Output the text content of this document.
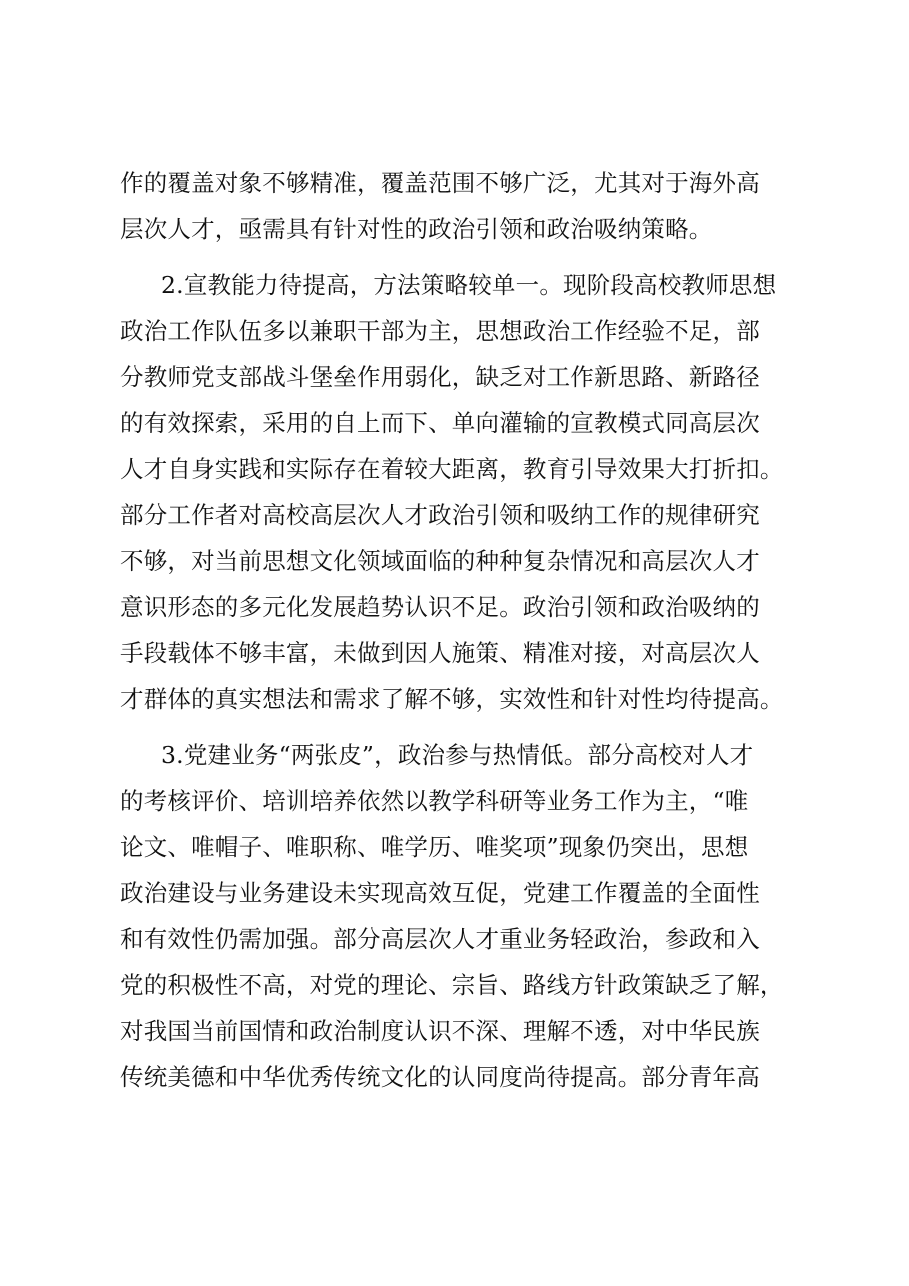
作的覆盖对象不够精准，覆盖范围不够广泛，尤其对于海外高
层次人才，亟需具有针对性的政治引领和政治吸纳策略。
2.宣教能力待提高，方法策略较单一。现阶段高校教师思想
政治工作队伍多以兼职干部为主，思想政治工作经验不足，部
分教师党支部战斗堡垒作用弱化，缺乏对工作新思路、新路径
的有效探索，采用的自上而下、单向灌输的宣教模式同高层次
人才自身实践和实际存在着较大距离，教育引导效果大打折扣。
部分工作者对高校高层次人才政治引领和吸纳工作的规律研究
不够，对当前思想文化领域面临的种种复杂情况和高层次人才
意识形态的多元化发展趋势认识不足。政治引领和政治吸纳的
手段载体不够丰富，未做到因人施策、精准对接，对高层次人
才群体的真实想法和需求了解不够，实效性和针对性均待提高。
3.党建业务“两张皮”，政治参与热情低。部分高校对人才
的考核评价、培训培养依然以教学科研等业务工作为主，“唯
论文、唯帽子、唯职称、唯学历、唯奖项”现象仍突出，思想
政治建设与业务建设未实现高效互促，党建工作覆盖的全面性
和有效性仍需加强。部分高层次人才重业务轻政治，参政和入
党的积极性不高，对党的理论、宗旨、路线方针政策缺乏了解，
对我国当前国情和政治制度认识不深、理解不透，对中华民族
传统美德和中华优秀传统文化的认同度尚待提高。部分青年高
